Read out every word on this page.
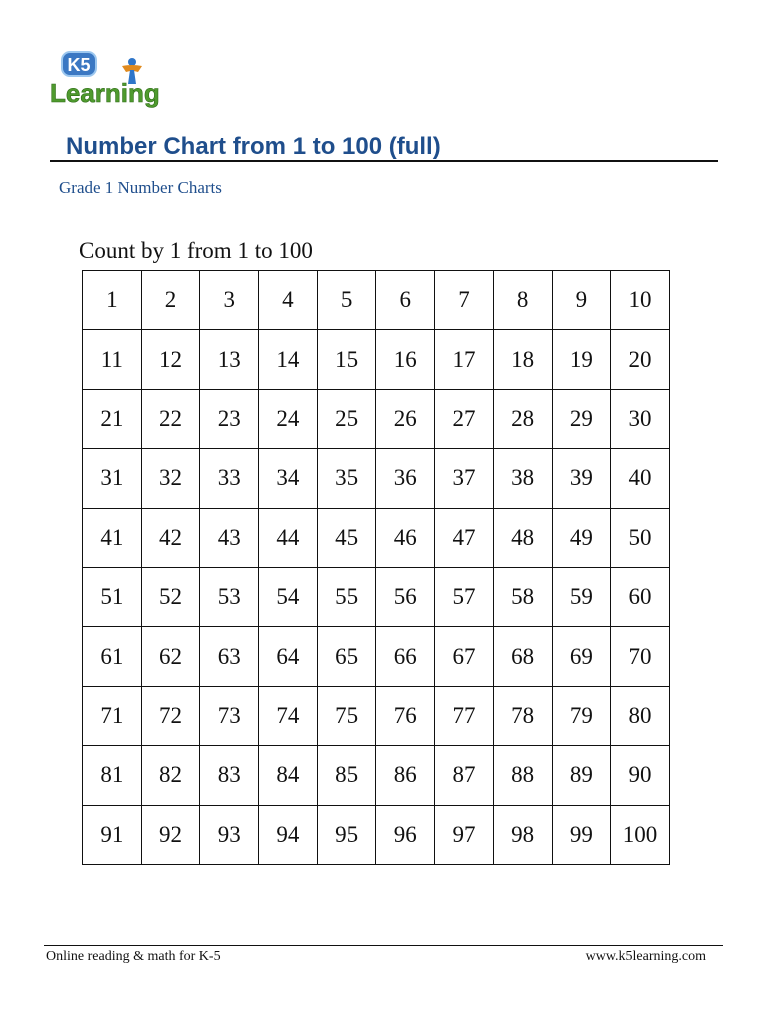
K5
Learning
Number Chart from 1 to 100 (full)
Grade 1 Number Charts
Count by 1 from 1 to 100
1	2	3	4	5	6	7	8	9	10
11	12	13	14	15	16	17	18	19	20
21	22	23	24	25	26	27	28	29	30
31	32	33	34	35	36	37	38	39	40
41	42	43	44	45	46	47	48	49	50
51	52	53	54	55	56	57	58	59	60
61	62	63	64	65	66	67	68	69	70
71	72	73	74	75	76	77	78	79	80
81	82	83	84	85	86	87	88	89	90
91	92	93	94	95	96	97	98	99	100
Online reading & math for K-5	www.k5learning.com
